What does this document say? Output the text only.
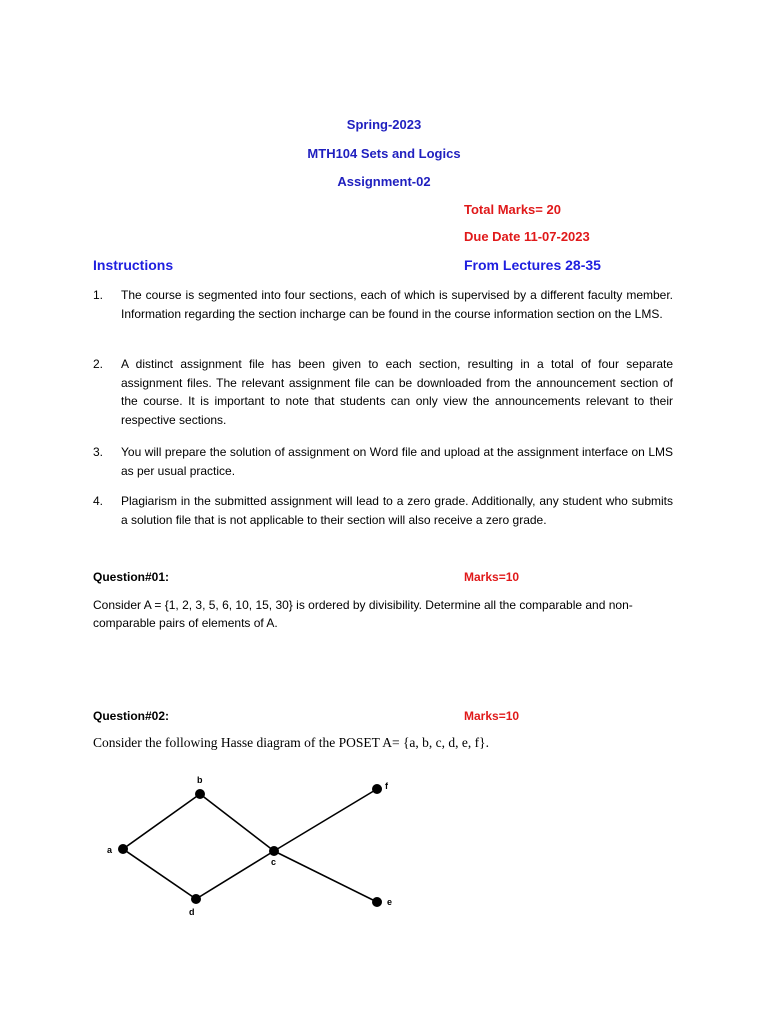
Spring-2023
MTH104 Sets and Logics
Assignment-02
Total Marks= 20
Due Date 11-07-2023
Instructions	From Lectures 28-35
1. The course is segmented into four sections, each of which is supervised by a different faculty member. Information regarding the section incharge can be found in the course information section on the LMS.
2. A distinct assignment file has been given to each section, resulting in a total of four separate assignment files. The relevant assignment file can be downloaded from the announcement section of the course. It is important to note that students can only view the announcements relevant to their respective sections.
3. You will prepare the solution of assignment on Word file and upload at the assignment interface on LMS as per usual practice.
4. Plagiarism in the submitted assignment will lead to a zero grade. Additionally, any student who submits a solution file that is not applicable to their section will also receive a zero grade.
Question#01:	Marks=10
Consider A = {1, 2, 3, 5, 6, 10, 15, 30} is ordered by divisibility. Determine all the comparable and non-comparable pairs of elements of A.
Question#02:	Marks=10
Consider the following Hasse diagram of the POSET A= {a, b, c, d, e, f}.
a
b
c
d
e
f
